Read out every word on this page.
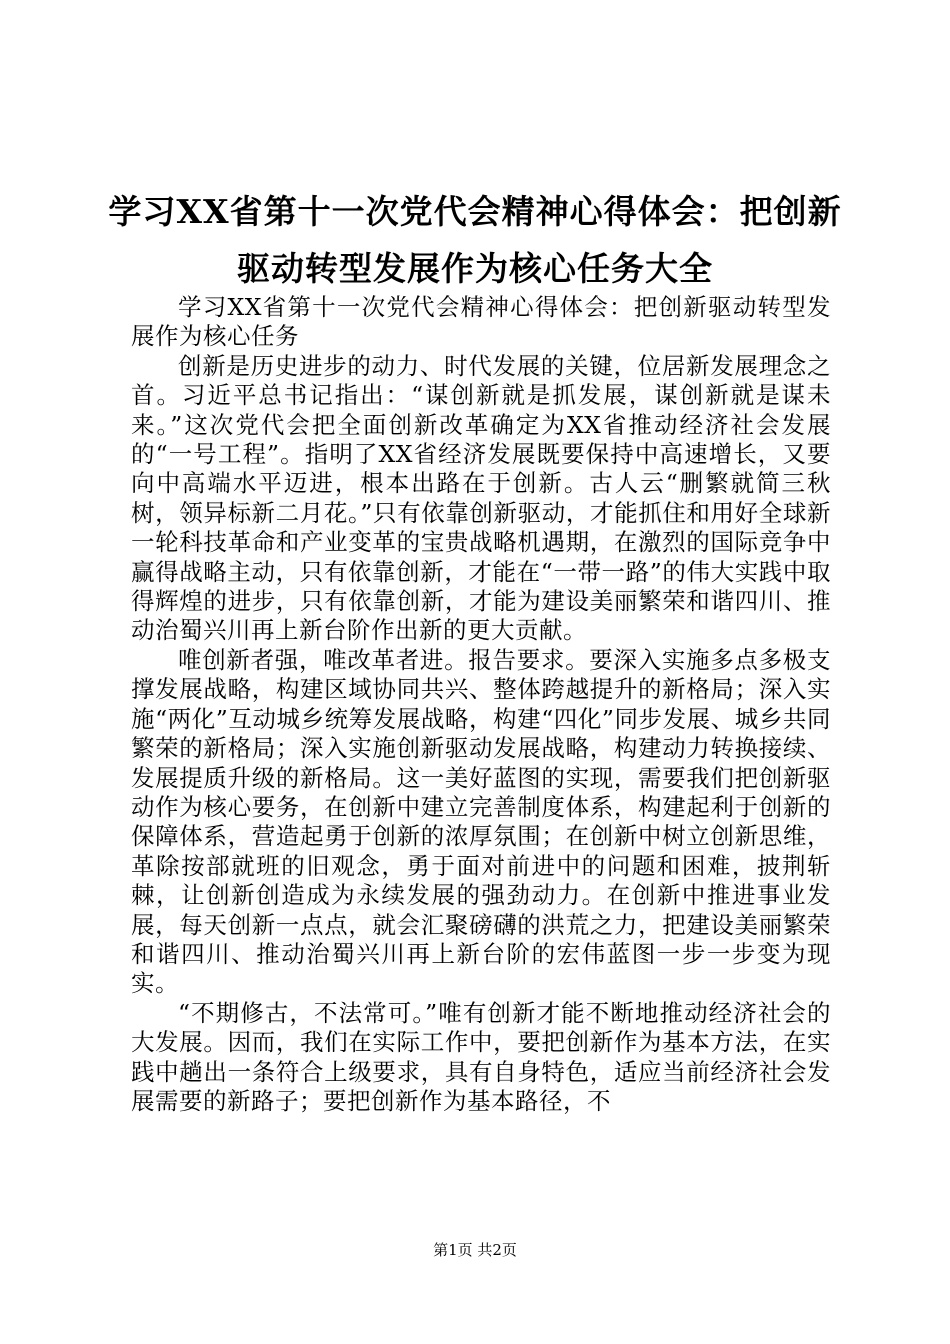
学习XX省第十一次党代会精神心得体会：把创新驱动转型发展作为核心任务大全

学习XX省第十一次党代会精神心得体会：把创新驱动转型发展作为核心任务

创新是历史进步的动力、时代发展的关键，位居新发展理念之首。习近平总书记指出：“谋创新就是抓发展，谋创新就是谋未来。”这次党代会把全面创新改革确定为XX省推动经济社会发展的“一号工程”。指明了XX省经济发展既要保持中高速增长，又要向中高端水平迈进，根本出路在于创新。古人云“删繁就简三秋树，领异标新二月花。”只有依靠创新驱动，才能抓住和用好全球新一轮科技革命和产业变革的宝贵战略机遇期，在激烈的国际竞争中赢得战略主动，只有依靠创新，才能在“一带一路”的伟大实践中取得辉煌的进步，只有依靠创新，才能为建设美丽繁荣和谐四川、推动治蜀兴川再上新台阶作出新的更大贡献。

唯创新者强，唯改革者进。报告要求。要深入实施多点多极支撑发展战略，构建区域协同共兴、整体跨越提升的新格局；深入实施“两化”互动城乡统筹发展战略，构建“四化”同步发展、城乡共同繁荣的新格局；深入实施创新驱动发展战略，构建动力转换接续、发展提质升级的新格局。这一美好蓝图的实现，需要我们把创新驱动作为核心要务，在创新中建立完善制度体系，构建起利于创新的保障体系，营造起勇于创新的浓厚氛围；在创新中树立创新思维，革除按部就班的旧观念，勇于面对前进中的问题和困难，披荆斩棘，让创新创造成为永续发展的强劲动力。在创新中推进事业发展，每天创新一点点，就会汇聚磅礴的洪荒之力，把建设美丽繁荣和谐四川、推动治蜀兴川再上新台阶的宏伟蓝图一步一步变为现实。

“不期修古，不法常可。”唯有创新才能不断地推动经济社会的大发展。因而，我们在实际工作中，要把创新作为基本方法，在实践中趟出一条符合上级要求，具有自身特色，适应当前经济社会发展需要的新路子；要把创新作为基本路径，不

第1页 共2页
